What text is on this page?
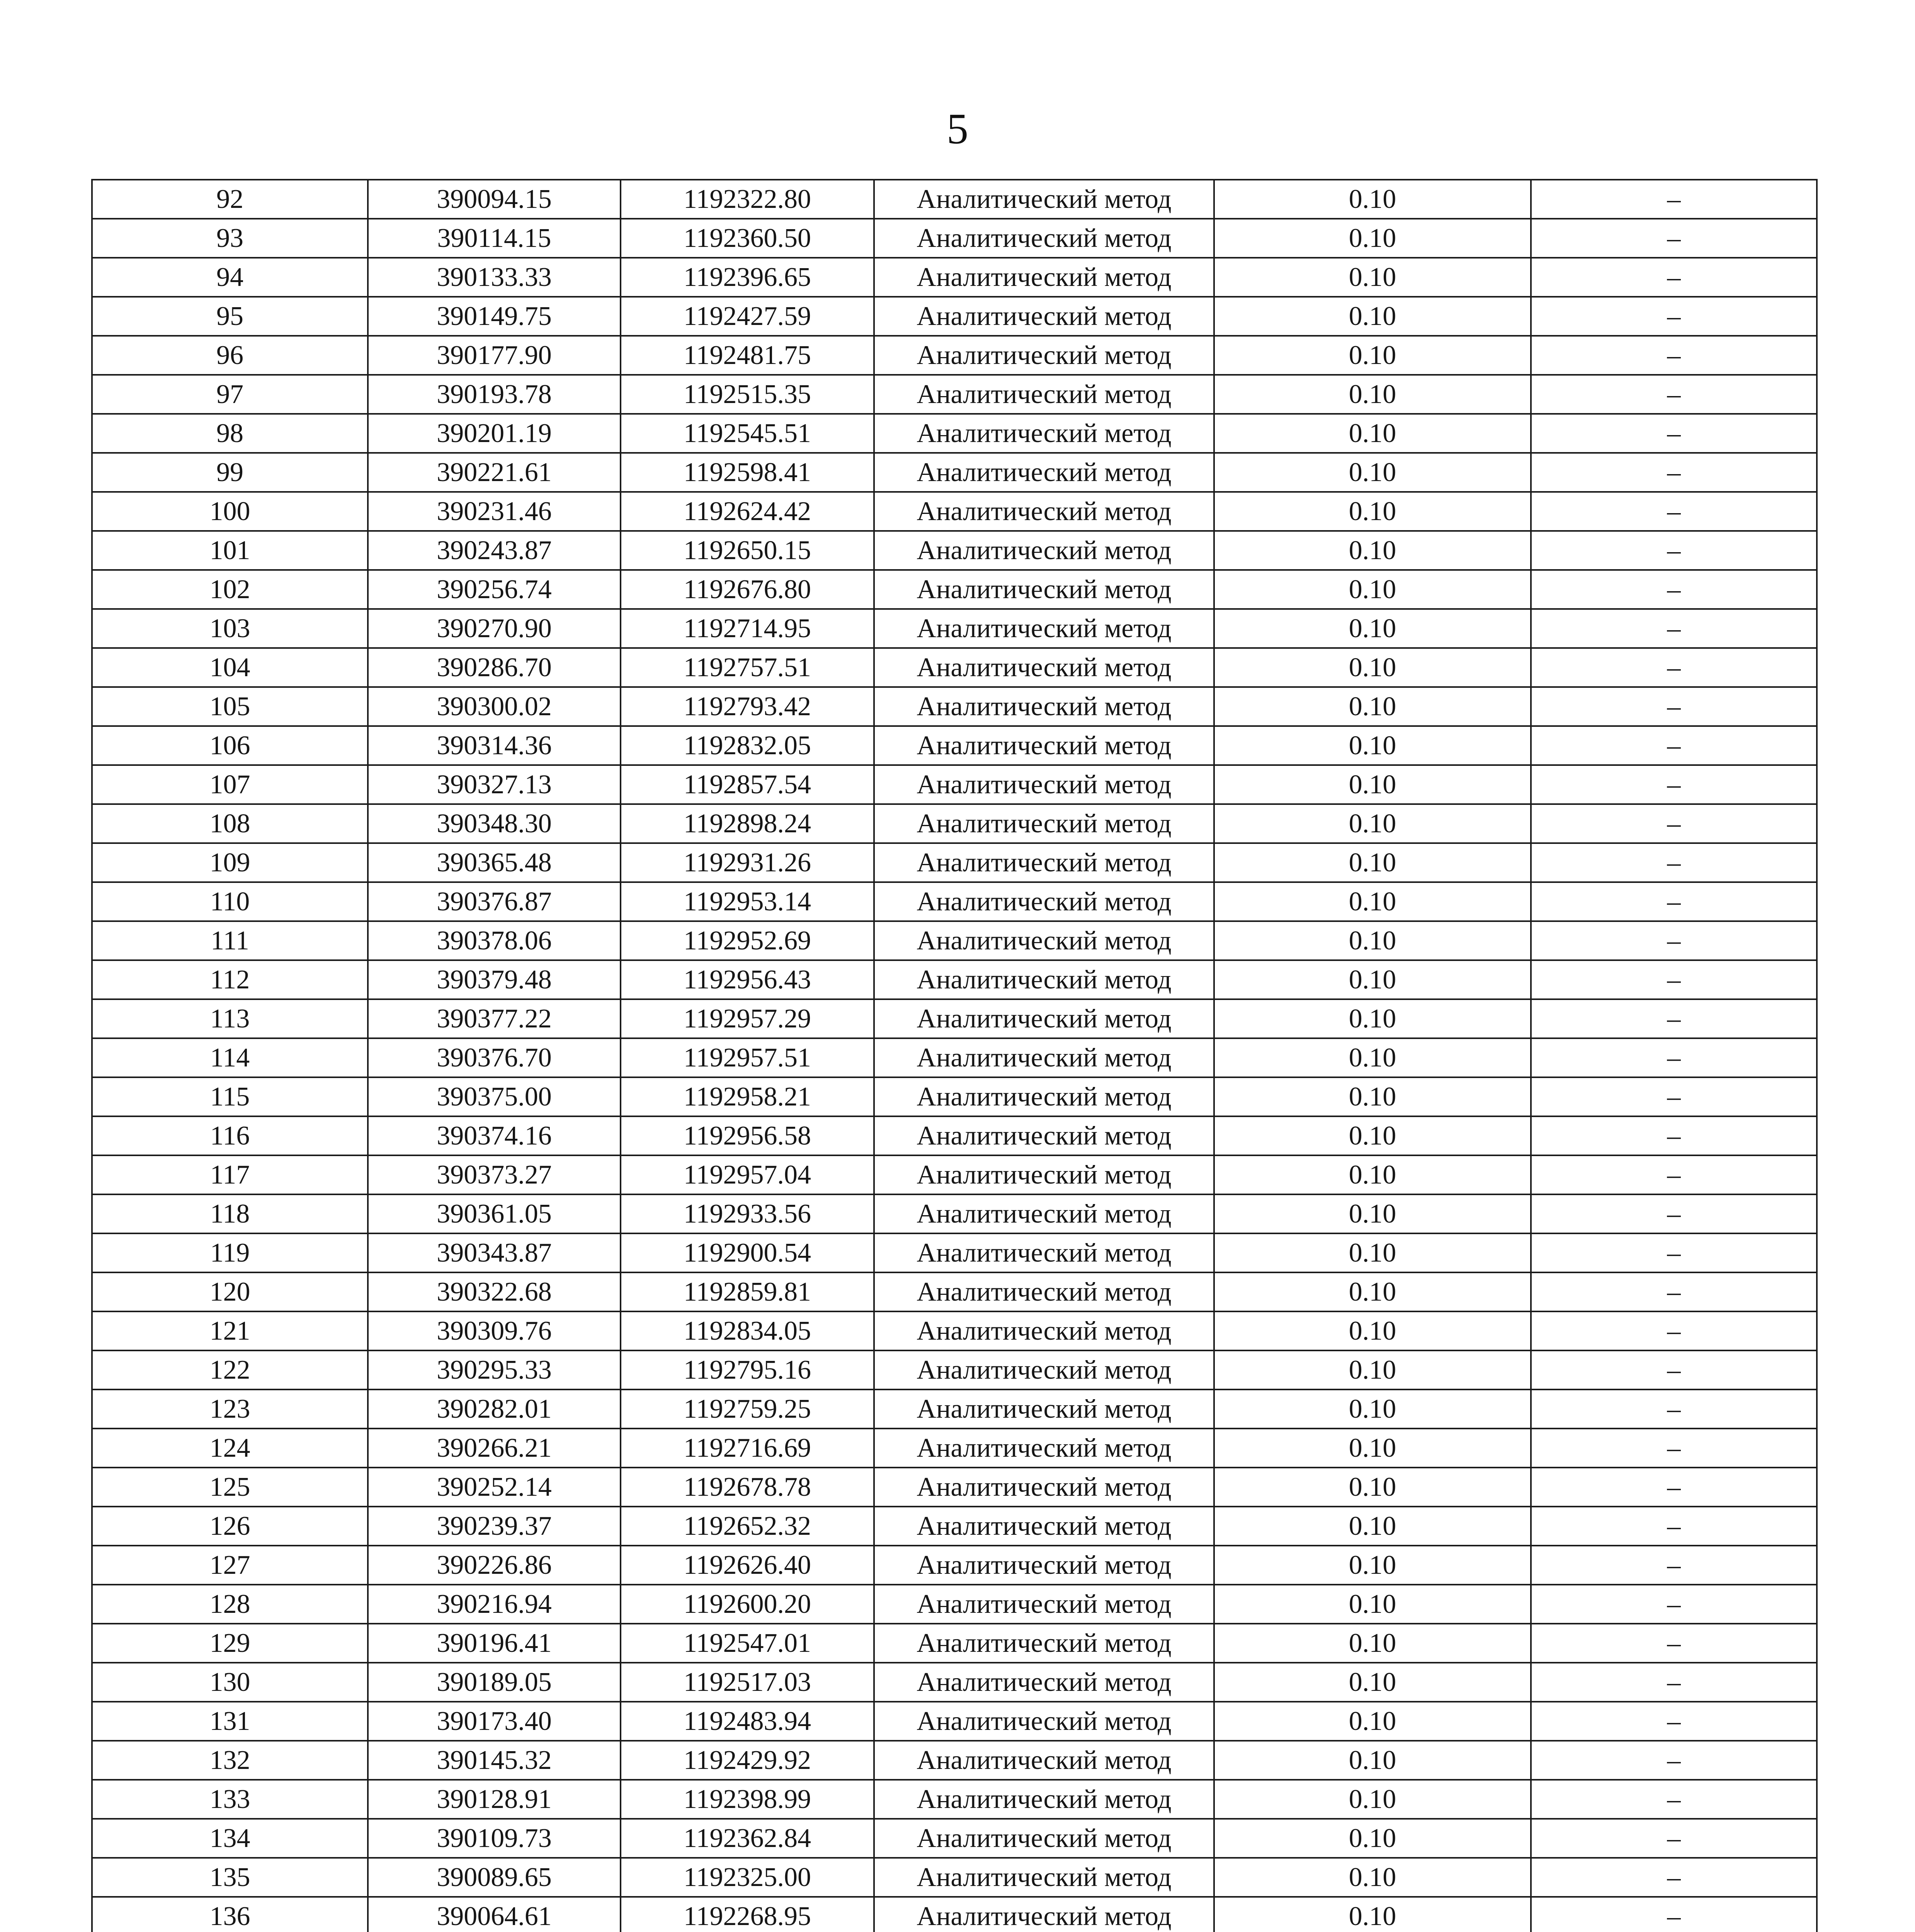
5
92	390094.15	1192322.80	Аналитический метод	0.10	–
93	390114.15	1192360.50	Аналитический метод	0.10	–
94	390133.33	1192396.65	Аналитический метод	0.10	–
95	390149.75	1192427.59	Аналитический метод	0.10	–
96	390177.90	1192481.75	Аналитический метод	0.10	–
97	390193.78	1192515.35	Аналитический метод	0.10	–
98	390201.19	1192545.51	Аналитический метод	0.10	–
99	390221.61	1192598.41	Аналитический метод	0.10	–
100	390231.46	1192624.42	Аналитический метод	0.10	–
101	390243.87	1192650.15	Аналитический метод	0.10	–
102	390256.74	1192676.80	Аналитический метод	0.10	–
103	390270.90	1192714.95	Аналитический метод	0.10	–
104	390286.70	1192757.51	Аналитический метод	0.10	–
105	390300.02	1192793.42	Аналитический метод	0.10	–
106	390314.36	1192832.05	Аналитический метод	0.10	–
107	390327.13	1192857.54	Аналитический метод	0.10	–
108	390348.30	1192898.24	Аналитический метод	0.10	–
109	390365.48	1192931.26	Аналитический метод	0.10	–
110	390376.87	1192953.14	Аналитический метод	0.10	–
111	390378.06	1192952.69	Аналитический метод	0.10	–
112	390379.48	1192956.43	Аналитический метод	0.10	–
113	390377.22	1192957.29	Аналитический метод	0.10	–
114	390376.70	1192957.51	Аналитический метод	0.10	–
115	390375.00	1192958.21	Аналитический метод	0.10	–
116	390374.16	1192956.58	Аналитический метод	0.10	–
117	390373.27	1192957.04	Аналитический метод	0.10	–
118	390361.05	1192933.56	Аналитический метод	0.10	–
119	390343.87	1192900.54	Аналитический метод	0.10	–
120	390322.68	1192859.81	Аналитический метод	0.10	–
121	390309.76	1192834.05	Аналитический метод	0.10	–
122	390295.33	1192795.16	Аналитический метод	0.10	–
123	390282.01	1192759.25	Аналитический метод	0.10	–
124	390266.21	1192716.69	Аналитический метод	0.10	–
125	390252.14	1192678.78	Аналитический метод	0.10	–
126	390239.37	1192652.32	Аналитический метод	0.10	–
127	390226.86	1192626.40	Аналитический метод	0.10	–
128	390216.94	1192600.20	Аналитический метод	0.10	–
129	390196.41	1192547.01	Аналитический метод	0.10	–
130	390189.05	1192517.03	Аналитический метод	0.10	–
131	390173.40	1192483.94	Аналитический метод	0.10	–
132	390145.32	1192429.92	Аналитический метод	0.10	–
133	390128.91	1192398.99	Аналитический метод	0.10	–
134	390109.73	1192362.84	Аналитический метод	0.10	–
135	390089.65	1192325.00	Аналитический метод	0.10	–
136	390064.61	1192268.95	Аналитический метод	0.10	–
